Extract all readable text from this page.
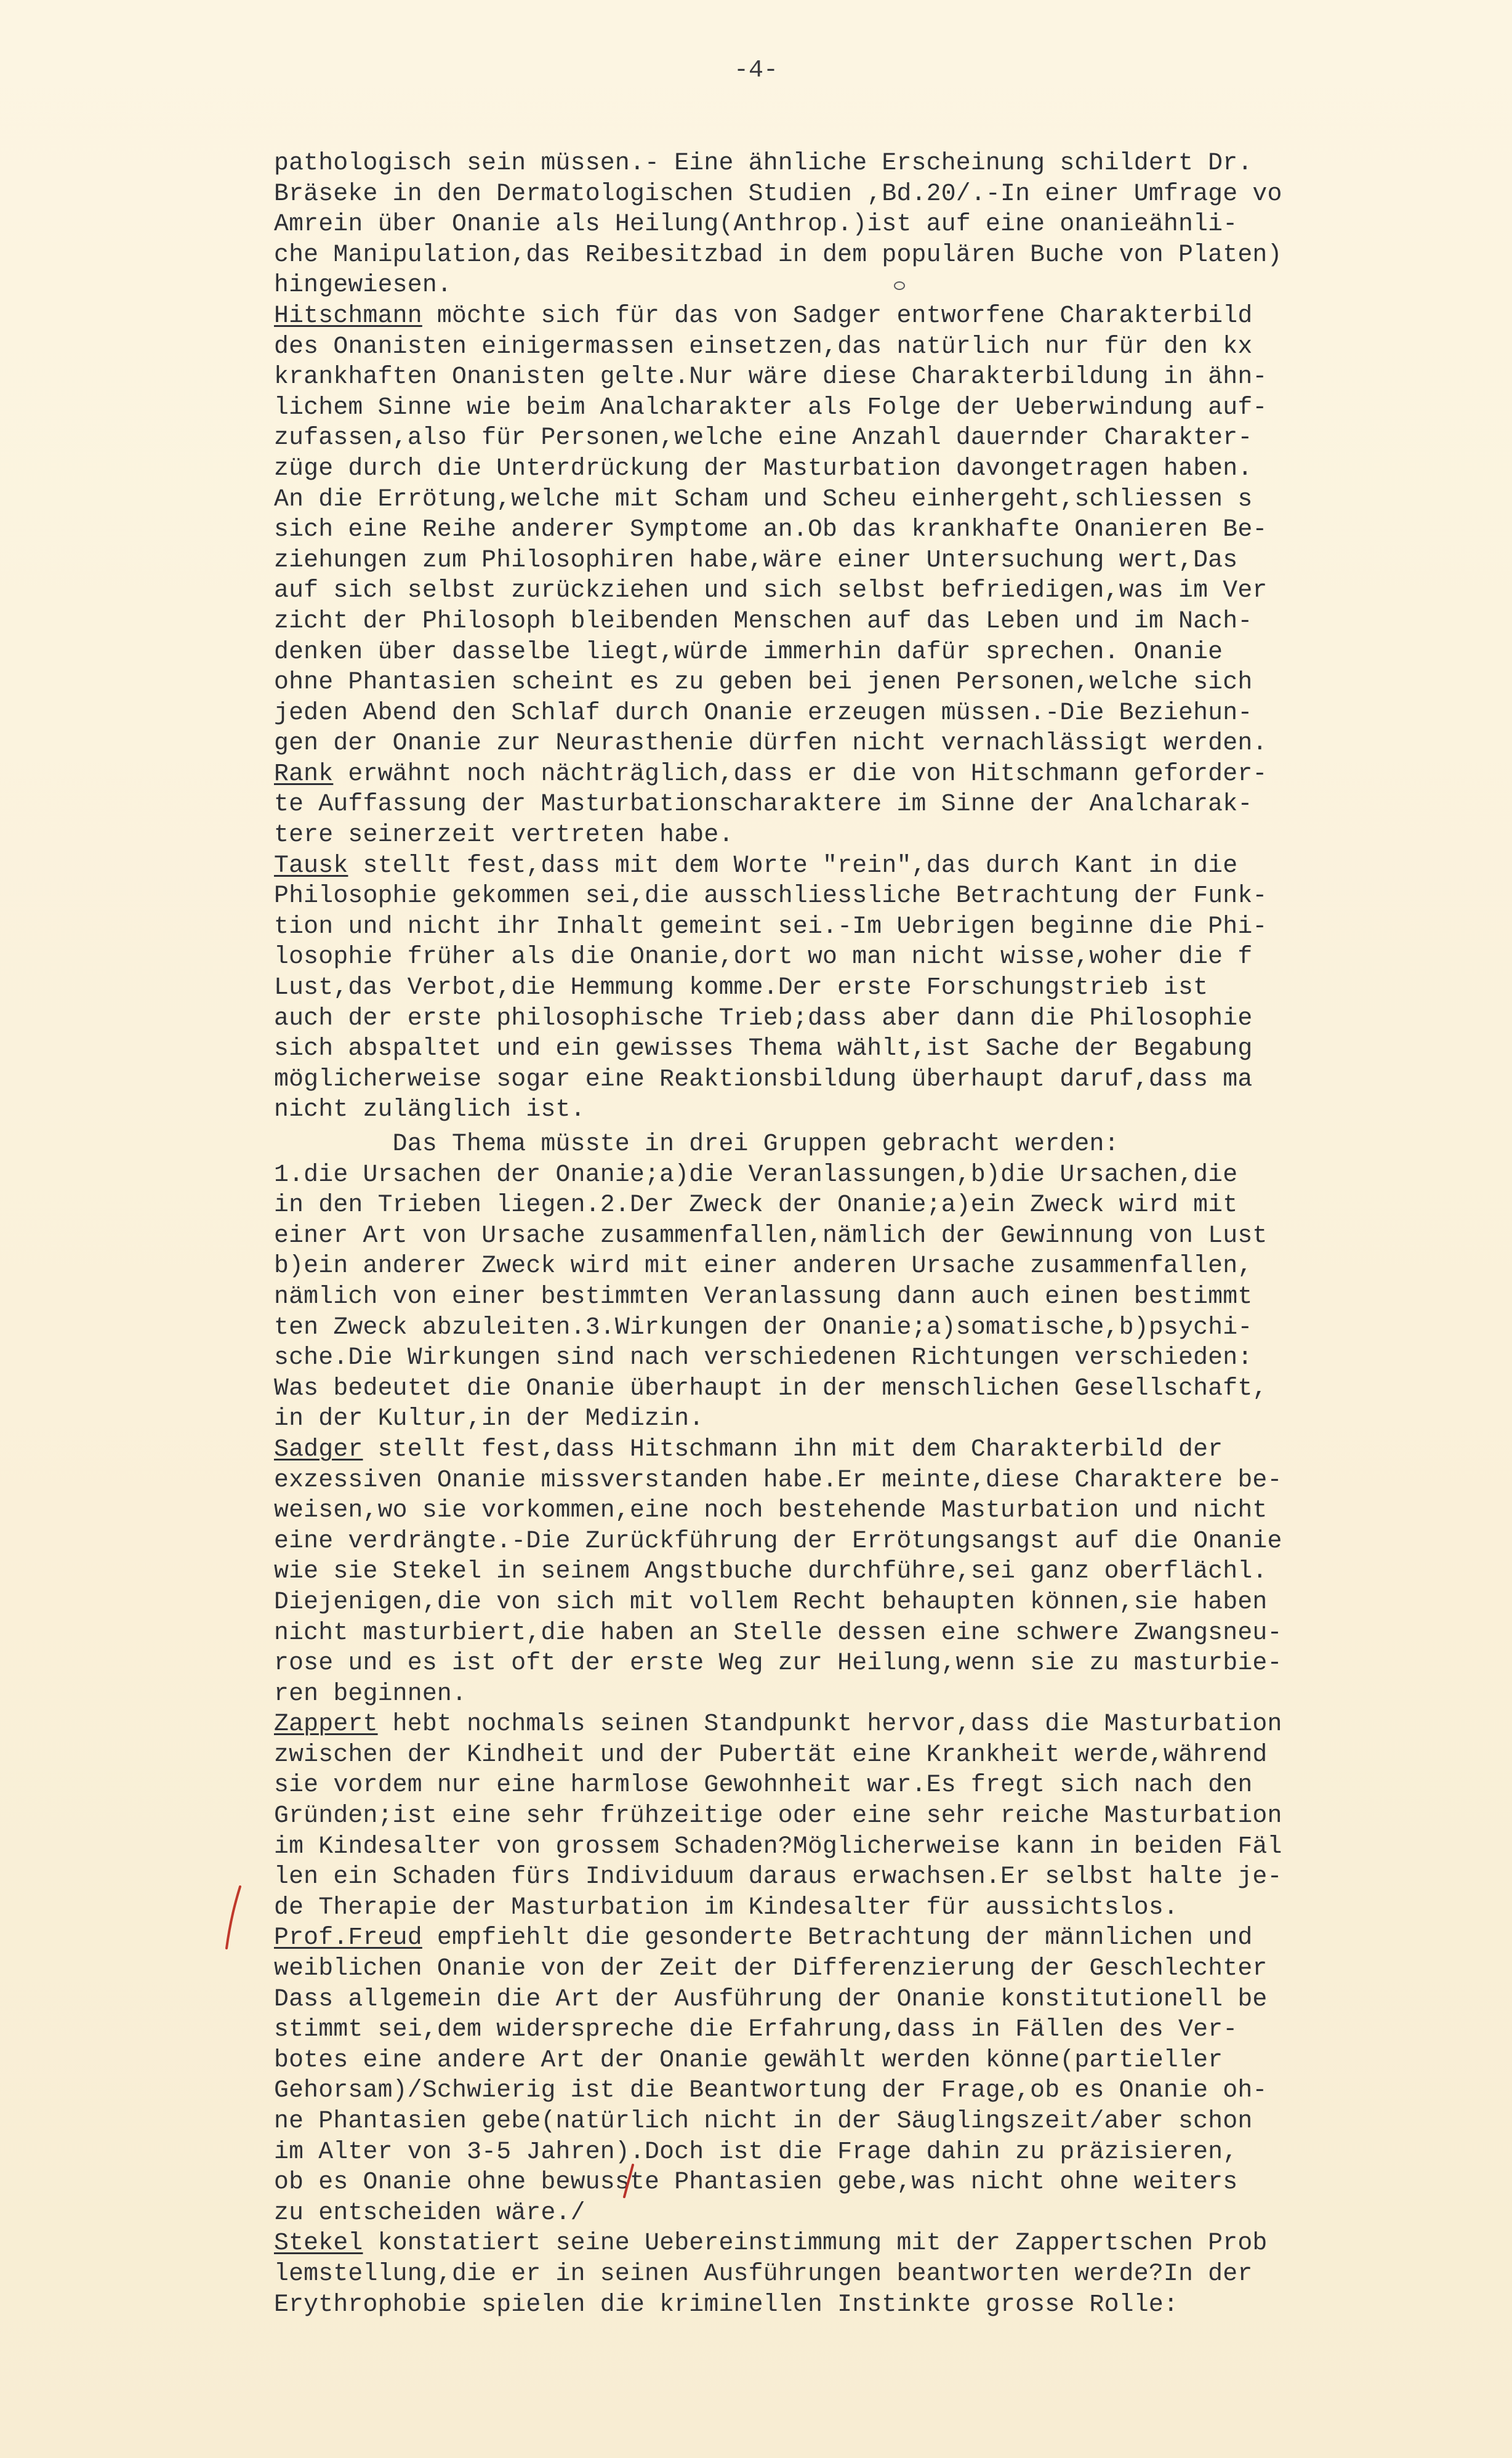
-4-
pathologisch sein müssen.- Eine ähnliche Erscheinung schildert Dr.
Bräseke in den Dermatologischen Studien ,Bd.20/.-In einer Umfrage vo
Amrein über Onanie als Heilung(Anthrop.)ist auf eine onanieähnli-
che Manipulation,das Reibesitzbad in dem populären Buche von Platen)
hingewiesen.
Hitschmann möchte sich für das von Sadger entworfene Charakterbild
des Onanisten einigermassen einsetzen,das natürlich nur für den kx
krankhaften Onanisten gelte.Nur wäre diese Charakterbildung in ähn-
lichem Sinne wie beim Analcharakter als Folge der Ueberwindung auf-
zufassen,also für Personen,welche eine Anzahl dauernder Charakter-
züge durch die Unterdrückung der Masturbation davongetragen haben.
An die Errötung,welche mit Scham und Scheu einhergeht,schliessen s
sich eine Reihe anderer Symptome an.Ob das krankhafte Onanieren Be-
ziehungen zum Philosophiren habe,wäre einer Untersuchung wert,Das
auf sich selbst zurückziehen und sich selbst befriedigen,was im Ver
zicht der Philosoph bleibenden Menschen auf das Leben und im Nach-
denken über dasselbe liegt,würde immerhin dafür sprechen. Onanie
ohne Phantasien scheint es zu geben bei jenen Personen,welche sich
jeden Abend den Schlaf durch Onanie erzeugen müssen.-Die Beziehun-
gen der Onanie zur Neurasthenie dürfen nicht vernachlässigt werden.
Rank erwähnt noch nächträglich,dass er die von Hitschmann geforder-
te Auffassung der Masturbationscharaktere im Sinne der Analcharak-
tere seinerzeit vertreten habe.
Tausk stellt fest,dass mit dem Worte "rein",das durch Kant in die
Philosophie gekommen sei,die ausschliessliche Betrachtung der Funk-
tion und nicht ihr Inhalt gemeint sei.-Im Uebrigen beginne die Phi-
losophie früher als die Onanie,dort wo man nicht wisse,woher die f
Lust,das Verbot,die Hemmung komme.Der erste Forschungstrieb ist
auch der erste philosophische Trieb;dass aber dann die Philosophie
sich abspaltet und ein gewisses Thema wählt,ist Sache der Begabung
möglicherweise sogar eine Reaktionsbildung überhaupt daruf,dass ma
nicht zulänglich ist.
Das Thema müsste in drei Gruppen gebracht werden:
1.die Ursachen der Onanie;a)die Veranlassungen,b)die Ursachen,die
in den Trieben liegen.2.Der Zweck der Onanie;a)ein Zweck wird mit
einer Art von Ursache zusammenfallen,nämlich der Gewinnung von Lust
b)ein anderer Zweck wird mit einer anderen Ursache zusammenfallen,
nämlich von einer bestimmten Veranlassung dann auch einen bestimmt
ten Zweck abzuleiten.3.Wirkungen der Onanie;a)somatische,b)psychi-
sche.Die Wirkungen sind nach verschiedenen Richtungen verschieden:
Was bedeutet die Onanie überhaupt in der menschlichen Gesellschaft,
in der Kultur,in der Medizin.
Sadger stellt fest,dass Hitschmann ihn mit dem Charakterbild der
exzessiven Onanie missverstanden habe.Er meinte,diese Charaktere be-
weisen,wo sie vorkommen,eine noch bestehende Masturbation und nicht
eine verdrängte.-Die Zurückführung der Errötungsangst auf die Onanie
wie sie Stekel in seinem Angstbuche durchführe,sei ganz oberflächl.
Diejenigen,die von sich mit vollem Recht behaupten können,sie haben
nicht masturbiert,die haben an Stelle dessen eine schwere Zwangsneu-
rose und es ist oft der erste Weg zur Heilung,wenn sie zu masturbie-
ren beginnen.
Zappert hebt nochmals seinen Standpunkt hervor,dass die Masturbation
zwischen der Kindheit und der Pubertät eine Krankheit werde,während
sie vordem nur eine harmlose Gewohnheit war.Es fregt sich nach den
Gründen;ist eine sehr frühzeitige oder eine sehr reiche Masturbation
im Kindesalter von grossem Schaden?Möglicherweise kann in beiden Fäl
len ein Schaden fürs Individuum daraus erwachsen.Er selbst halte je-
de Therapie der Masturbation im Kindesalter für aussichtslos.
Prof.Freud empfiehlt die gesonderte Betrachtung der männlichen und
weiblichen Onanie von der Zeit der Differenzierung der Geschlechter
Dass allgemein die Art der Ausführung der Onanie konstitutionell be
stimmt sei,dem widerspreche die Erfahrung,dass in Fällen des Ver-
botes eine andere Art der Onanie gewählt werden könne(partieller
Gehorsam)/Schwierig ist die Beantwortung der Frage,ob es Onanie oh-
ne Phantasien gebe(natürlich nicht in der Säuglingszeit/aber schon
im Alter von 3-5 Jahren).Doch ist die Frage dahin zu präzisieren,
ob es Onanie ohne bewusste Phantasien gebe,was nicht ohne weiters
zu entscheiden wäre./
Stekel konstatiert seine Uebereinstimmung mit der Zappertschen Prob
lemstellung,die er in seinen Ausführungen beantworten werde?In der
Erythrophobie spielen die kriminellen Instinkte grosse Rolle:
